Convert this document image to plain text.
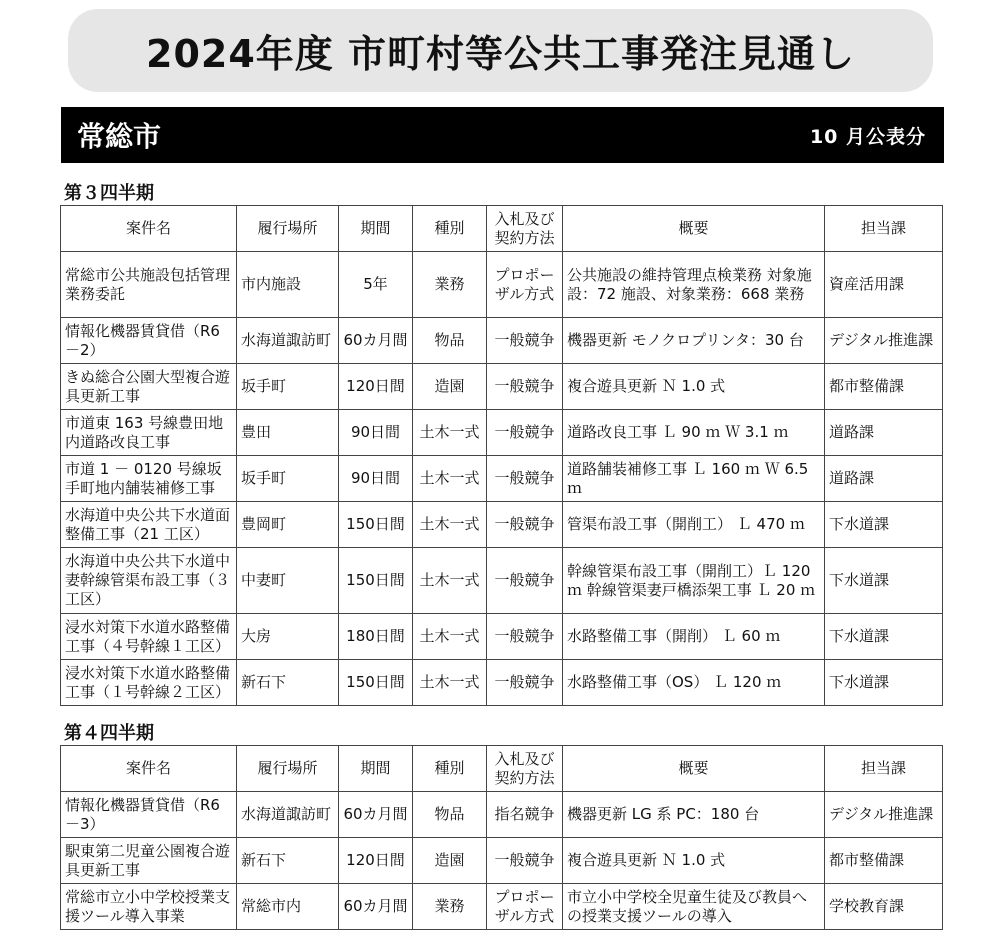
2024年度 市町村等公共工事発注見通し
常総市	10 月公表分
第３四半期
案件名	履行場所	期間	種別	入札及び契約方法	概要	担当課
常総市公共施設包括管理業務委託	市内施設	5年	業務	プロポーザル方式	公共施設の維持管理点検業務 対象施設：72 施設、対象業務：668 業務	資産活用課
情報化機器賃貸借（R6－2）	水海道諏訪町	60カ月間	物品	一般競争	機器更新 モノクロプリンタ：30 台	デジタル推進課
きぬ総合公園大型複合遊具更新工事	坂手町	120日間	造園	一般競争	複合遊具更新 Ｎ 1.0 式	都市整備課
市道東 163 号線豊田地内道路改良工事	豊田	90日間	土木一式	一般競争	道路改良工事 Ｌ 90 ｍ Ｗ 3.1 ｍ	道路課
市道 1 － 0120 号線坂手町地内舗装補修工事	坂手町	90日間	土木一式	一般競争	道路舗装補修工事 Ｌ 160 ｍ Ｗ 6.5 ｍ	道路課
水海道中央公共下水道面整備工事（21 工区）	豊岡町	150日間	土木一式	一般競争	管渠布設工事（開削工） Ｌ 470 ｍ	下水道課
水海道中央公共下水道中妻幹線管渠布設工事（３工区）	中妻町	150日間	土木一式	一般競争	幹線管渠布設工事（開削工）Ｌ 120ｍ 幹線管渠妻戸橋添架工事 Ｌ 20 ｍ	下水道課
浸水対策下水道水路整備工事（４号幹線１工区）	大房	180日間	土木一式	一般競争	水路整備工事（開削） Ｌ 60 ｍ	下水道課
浸水対策下水道水路整備工事（１号幹線２工区）	新石下	150日間	土木一式	一般競争	水路整備工事（OS） Ｌ 120 ｍ	下水道課
第４四半期
案件名	履行場所	期間	種別	入札及び契約方法	概要	担当課
情報化機器賃貸借（R6－3）	水海道諏訪町	60カ月間	物品	指名競争	機器更新 LG 系 PC：180 台	デジタル推進課
駅東第二児童公園複合遊具更新工事	新石下	120日間	造園	一般競争	複合遊具更新 Ｎ 1.0 式	都市整備課
常総市立小中学校授業支援ツール導入事業	常総市内	60カ月間	業務	プロポーザル方式	市立小中学校全児童生徒及び教員への授業支援ツールの導入	学校教育課
